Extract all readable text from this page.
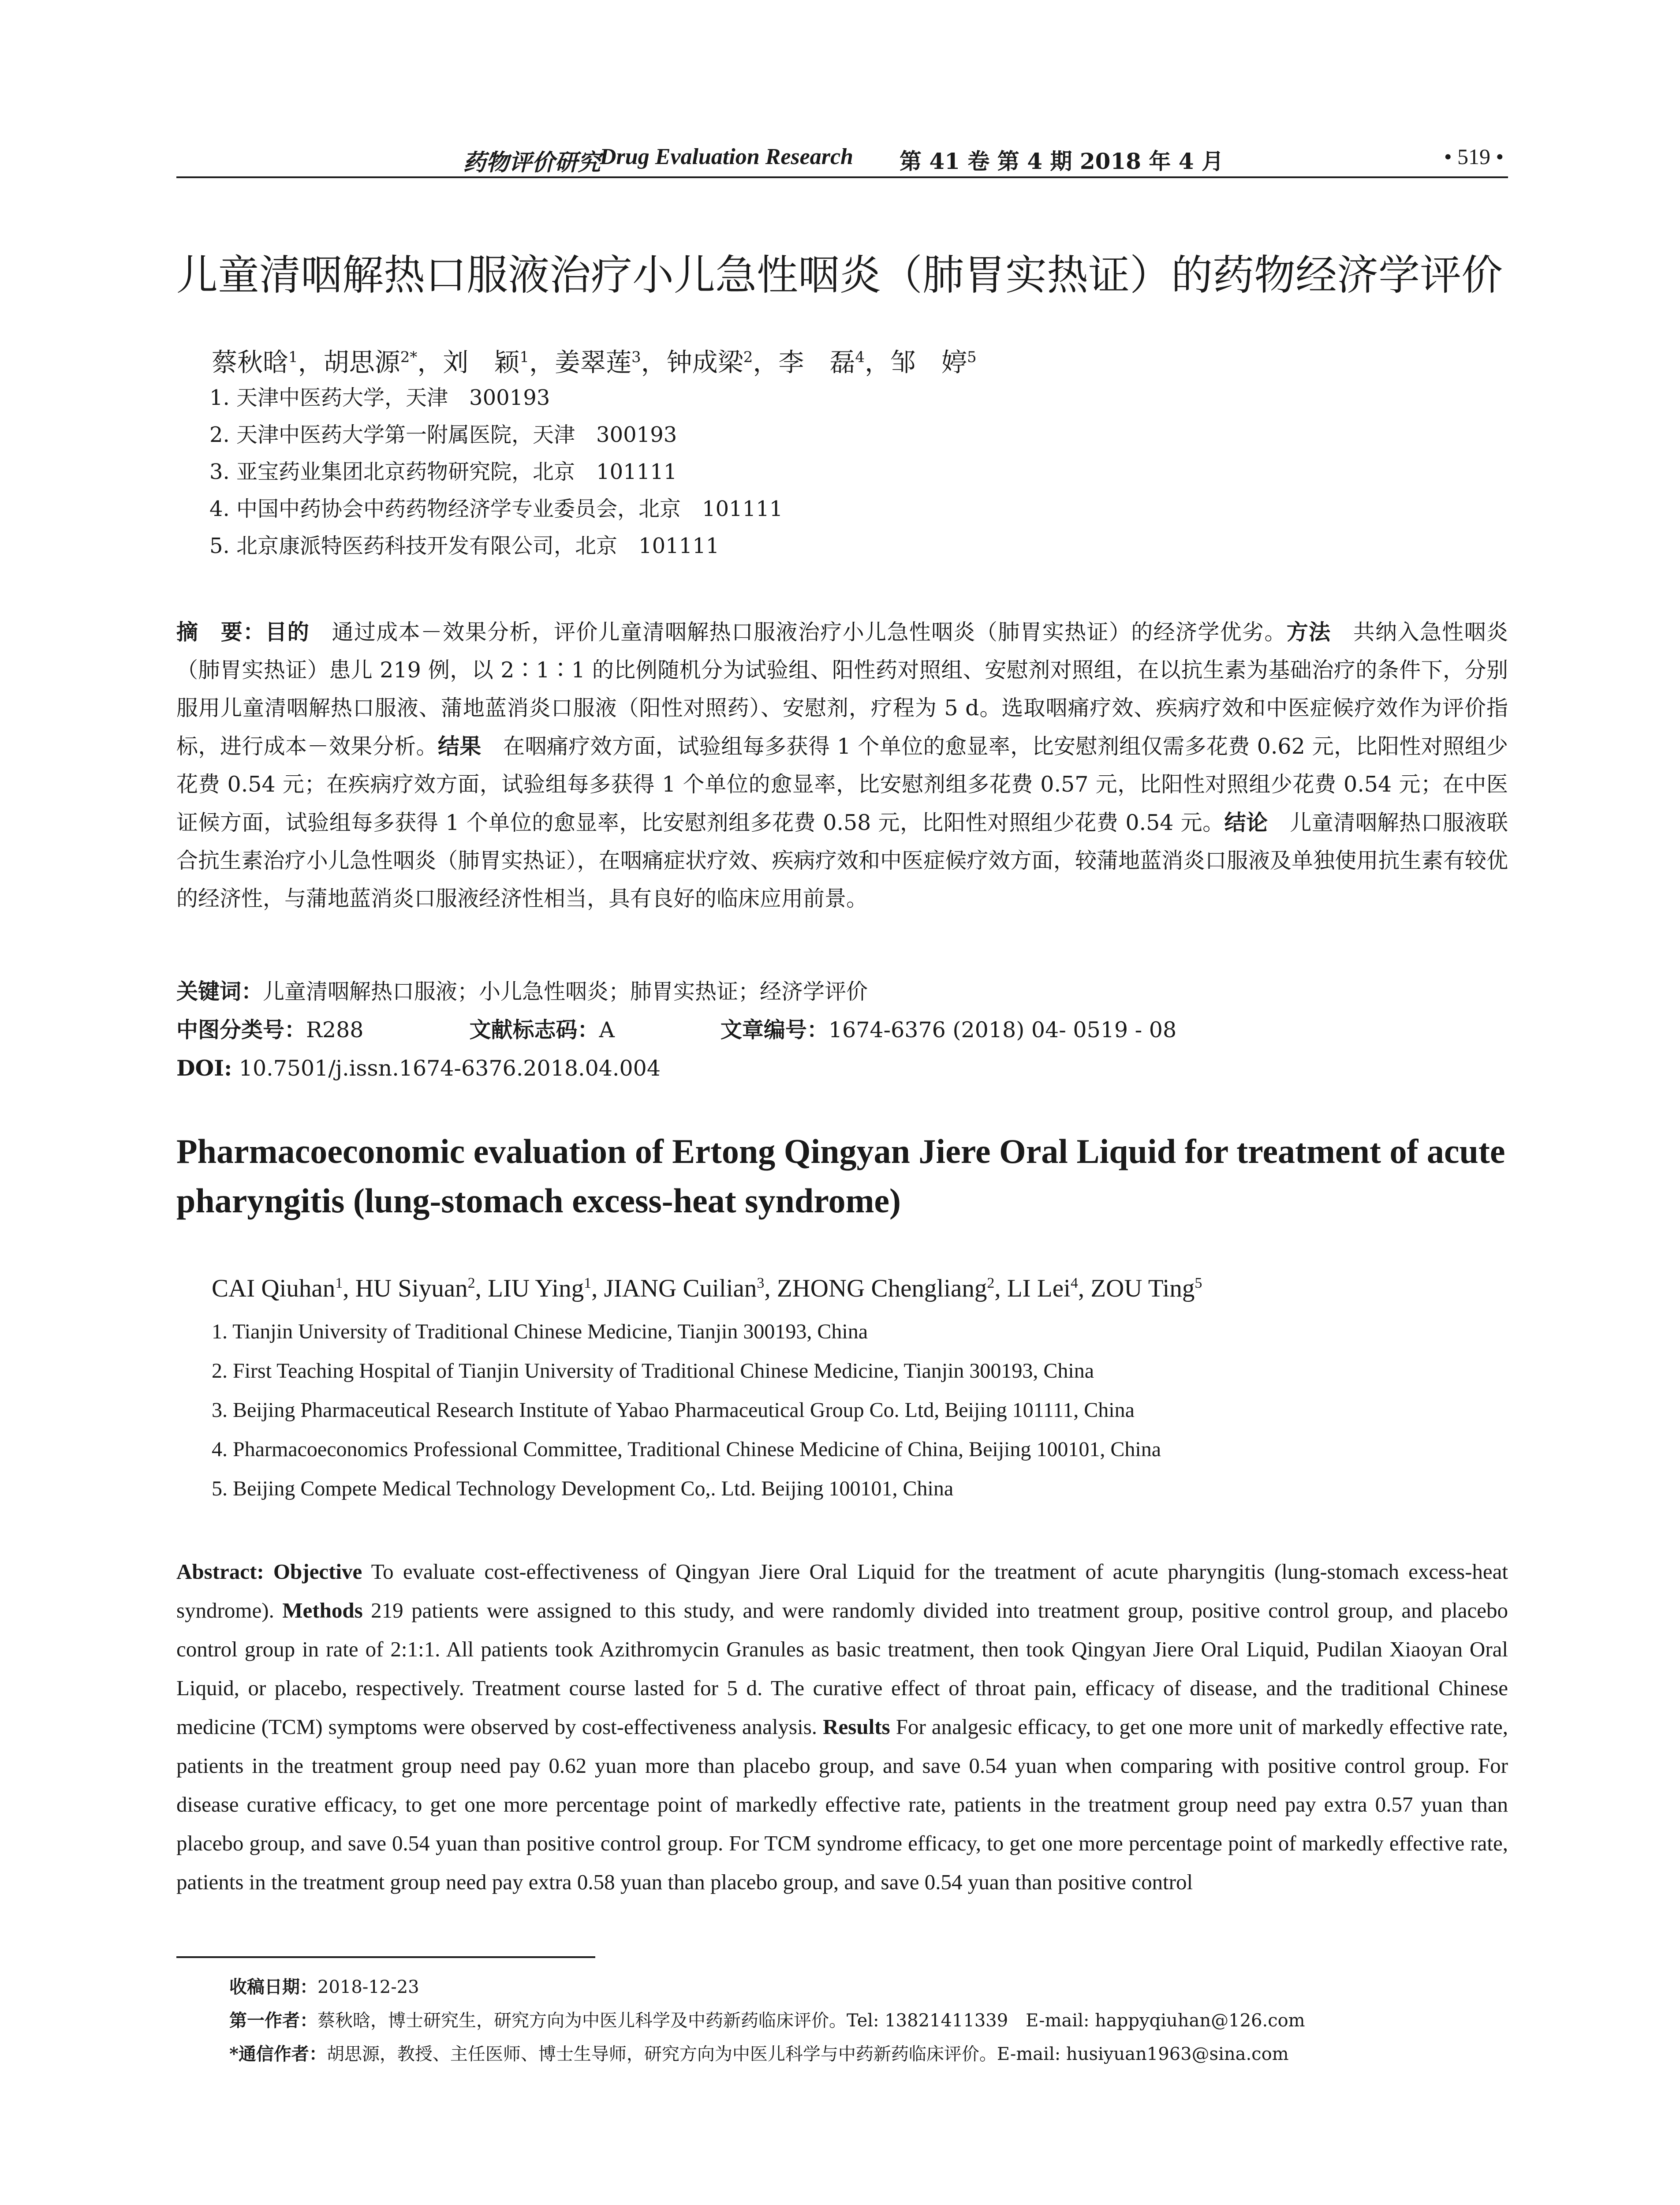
药物评价研究
Drug Evaluation Research 第 41 卷 第 4 期 2018 年 4 月	• 519 •
儿童清咽解热口服液治疗小儿急性咽炎（肺胃实热证）的药物经济学评价
蔡秋晗$^1$，胡思源$^{2*}$，刘　颖$^1$，姜翠莲$^3$，钟成梁$^2$，李　磊$^4$，邹　婷$^5$
1. 天津中医药大学，天津　300193
2. 天津中医药大学第一附属医院，天津　300193
3. 亚宝药业集团北京药物研究院，北京　101111
4. 中国中药协会中药药物经济学专业委员会，北京　101111
5. 北京康派特医药科技开发有限公司，北京　101111
摘　要：目的　通过成本－效果分析，评价儿童清咽解热口服液治疗小儿急性咽炎（肺胃实热证）的经济学优劣。方法　共纳入急性咽炎（肺胃实热证）患儿 219 例，以 2∶1∶1 的比例随机分为试验组、阳性药对照组、安慰剂对照组，在以抗生素为基础治疗的条件下，分别服用儿童清咽解热口服液、蒲地蓝消炎口服液（阳性对照药）、安慰剂，疗程为 5 d。选取咽痛疗效、疾病疗效和中医症候疗效作为评价指标，进行成本－效果分析。结果　在咽痛疗效方面，试验组每多获得 1 个单位的愈显率，比安慰剂组仅需多花费 0.62 元，比阳性对照组少花费 0.54 元；在疾病疗效方面，试验组每多获得 1 个单位的愈显率，比安慰剂组多花费 0.57 元，比阳性对照组少花费 0.54 元；在中医证候方面，试验组每多获得 1 个单位的愈显率，比安慰剂组多花费 0.58 元，比阳性对照组少花费 0.54 元。结论　儿童清咽解热口服液联合抗生素治疗小儿急性咽炎（肺胃实热证），在咽痛症状疗效、疾病疗效和中医症候疗效方面，较蒲地蓝消炎口服液及单独使用抗生素有较优的经济性，与蒲地蓝消炎口服液经济性相当，具有良好的临床应用前景。
关键词：儿童清咽解热口服液；小儿急性咽炎；肺胃实热证；经济学评价
中图分类号：R288	文献标志码：A	文章编号：1674-6376 (2018) 04- 0519 - 08
DOI: 10.7501/j.issn.1674-6376.2018.04.004
Pharmacoeconomic evaluation of Ertong Qingyan Jiere Oral Liquid for treatment of acute pharyngitis (lung-stomach excess-heat syndrome)
CAI Qiuhan$^1$, HU Siyuan$^2$, LIU Ying$^1$, JIANG Cuilian$^3$, ZHONG Chengliang$^2$, LI Lei$^4$, ZOU Ting$^5$
1. Tianjin University of Traditional Chinese Medicine, Tianjin 300193, China
2. First Teaching Hospital of Tianjin University of Traditional Chinese Medicine, Tianjin 300193, China
3. Beijing Pharmaceutical Research Institute of Yabao Pharmaceutical Group Co. Ltd, Beijing 101111, China
4. Pharmacoeconomics Professional Committee, Traditional Chinese Medicine of China, Beijing 100101, China
5. Beijing Compete Medical Technology Development Co,. Ltd. Beijing 100101, China
Abstract: Objective To evaluate cost-effectiveness of Qingyan Jiere Oral Liquid for the treatment of acute pharyngitis (lung-stomach excess-heat syndrome). Methods 219 patients were assigned to this study, and were randomly divided into treatment group, positive control group, and placebo control group in rate of 2:1:1. All patients took Azithromycin Granules as basic treatment, then took Qingyan Jiere Oral Liquid, Pudilan Xiaoyan Oral Liquid, or placebo, respectively. Treatment course lasted for 5 d. The curative effect of throat pain, efficacy of disease, and the traditional Chinese medicine (TCM) symptoms were observed by cost-effectiveness analysis. Results For analgesic efficacy, to get one more unit of markedly effective rate, patients in the treatment group need pay 0.62 yuan more than placebo group, and save 0.54 yuan when comparing with positive control group. For disease curative efficacy, to get one more percentage point of markedly effective rate, patients in the treatment group need pay extra 0.57 yuan than placebo group, and save 0.54 yuan than positive control group. For TCM syndrome efficacy, to get one more percentage point of markedly effective rate, patients in the treatment group need pay extra 0.58 yuan than placebo group, and save 0.54 yuan than positive control
收稿日期：2018-12-23
第一作者：蔡秋晗，博士研究生，研究方向为中医儿科学及中药新药临床评价。Tel: 13821411339　E-mail: happyqiuhan@126.com
*通信作者：胡思源，教授、主任医师、博士生导师，研究方向为中医儿科学与中药新药临床评价。E-mail: husiyuan1963@sina.com
